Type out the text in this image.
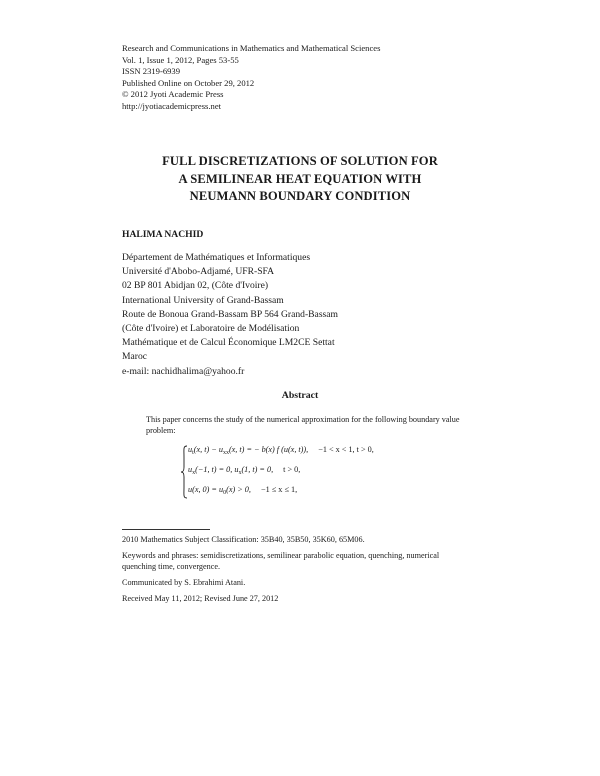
Research and Communications in Mathematics and Mathematical Sciences
Vol. 1, Issue 1, 2012, Pages 53-55
ISSN 2319-6939
Published Online on October 29, 2012
© 2012 Jyoti Academic Press
http://jyotiacademicpress.net
FULL DISCRETIZATIONS OF SOLUTION FOR
A SEMILINEAR HEAT EQUATION WITH
NEUMANN BOUNDARY CONDITION
HALIMA NACHID
Département de Mathématiques et Informatiques
Université d'Abobo-Adjamé, UFR-SFA
02 BP 801 Abidjan 02, (Côte d'Ivoire)
International University of Grand-Bassam
Route de Bonoua Grand-Bassam BP 564 Grand-Bassam
(Côte d'Ivoire) et Laboratoire de Modélisation
Mathématique et de Calcul Économique LM2CE Settat
Maroc
e-mail: nachidhalima@yahoo.fr
Abstract
This paper concerns the study of the numerical approximation for the following boundary value problem:
$u_t(x$, $t) - u_{xx}(x$, t) = − b(x) f (u(x, t)), −1 < x < 1, t > 0,
$u_x(-1$, t) = 0, $u_x(1$, t) = 0, t > 0,
u(x, $0) = u_0(x) > 0$, −1 ≤ x ≤ 1,
2010 Mathematics Subject Classification: 35B40, 35B50, 35K60, 65M06.
Keywords and phrases: semidiscretizations, semilinear parabolic equation, quenching, numerical quenching time, convergence.
Communicated by S. Ebrahimi Atani.
Received May 11, 2012; Revised June 27, 2012
